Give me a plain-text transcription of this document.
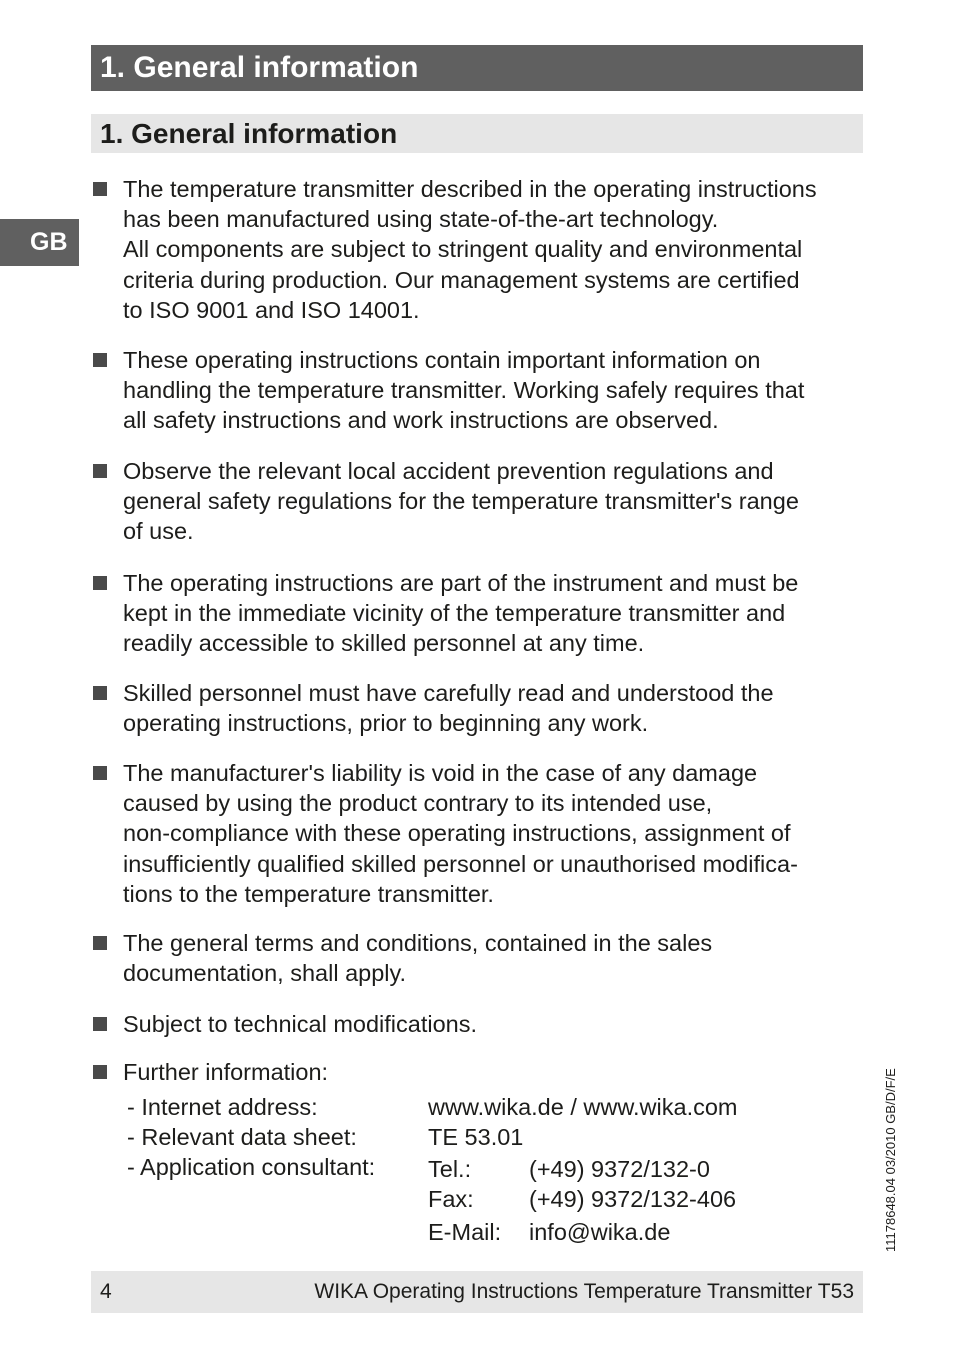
1. General information
1. General information
GB
The temperature transmitter described in the operating instructions
has been manufactured using state-of-the-art technology.
All components are subject to stringent quality and environmental
criteria during production. Our management systems are certified
to ISO 9001 and ISO 14001.
These operating instructions contain important information on
handling the temperature transmitter. Working safely requires that
all safety instructions and work instructions are observed.
Observe the relevant local accident prevention regulations and
general safety regulations for the temperature transmitter's range
of use.
The operating instructions are part of the instrument and must be
kept in the immediate vicinity of the temperature transmitter and
readily accessible to skilled personnel at any time.
Skilled personnel must have carefully read and understood the
operating instructions, prior to beginning any work.
The manufacturer's liability is void in the case of any damage
caused by using the product contrary to its intended use,
non-compliance with these operating instructions, assignment of
insufficiently qualified skilled personnel or unauthorised modifica-
tions to the temperature transmitter.
The general terms and conditions, contained in the sales
documentation, shall apply.
Subject to technical modifications.
Further information:
- Internet address:	www.wika.de / www.wika.com
- Relevant data sheet:	TE 53.01
- Application consultant: Tel.: (+49) 9372/132-0
Fax: (+49) 9372/132-406
E-Mail: info@wika.de	11178648.04 03/2010 GB/D/F/E
4	WIKA Operating Instructions Temperature Transmitter T53
